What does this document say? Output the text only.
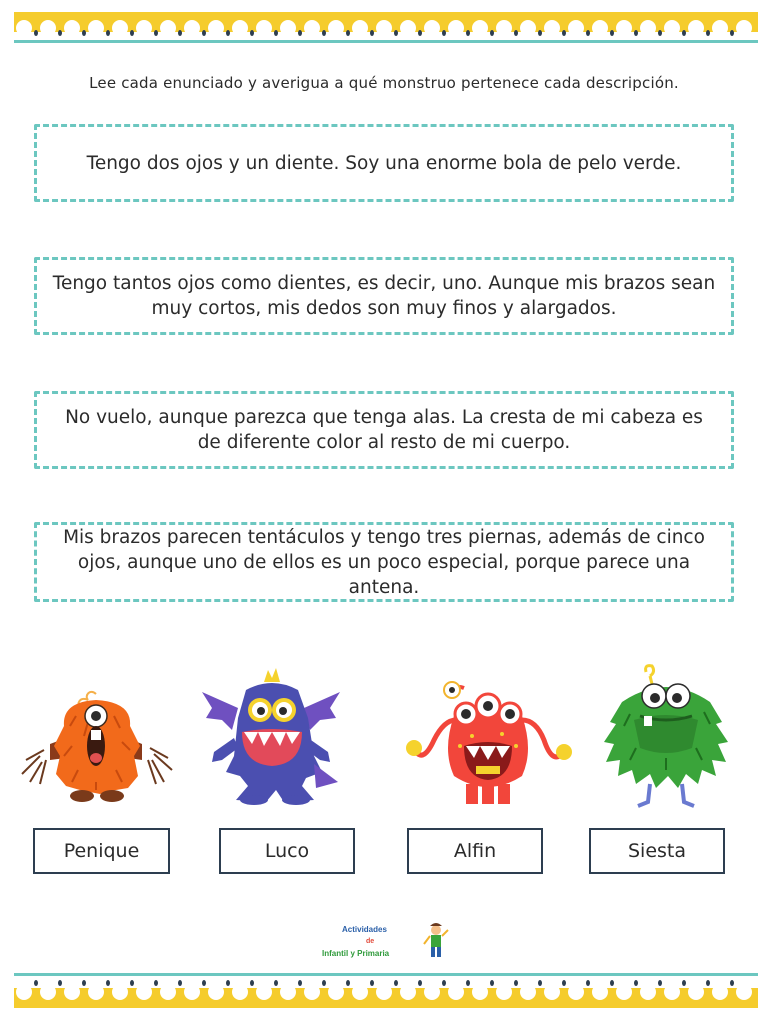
Lee cada enunciado y averigua a qué monstruo pertenece cada descripción.
Tengo dos ojos y un diente. Soy una enorme bola de pelo verde.
Tengo tantos ojos como dientes, es decir, uno. Aunque mis brazos sean muy cortos, mis dedos son muy finos y alargados.
No vuelo, aunque parezca que tenga alas. La cresta de mi cabeza es de diferente color al resto de mi cuerpo.
Mis brazos parecen tentáculos y tengo tres piernas, además de cinco ojos, aunque uno de ellos es un poco especial, porque parece una antena.
Penique	Luco	Alfin	Siesta
Actividades
de
Infantil y Primaria
